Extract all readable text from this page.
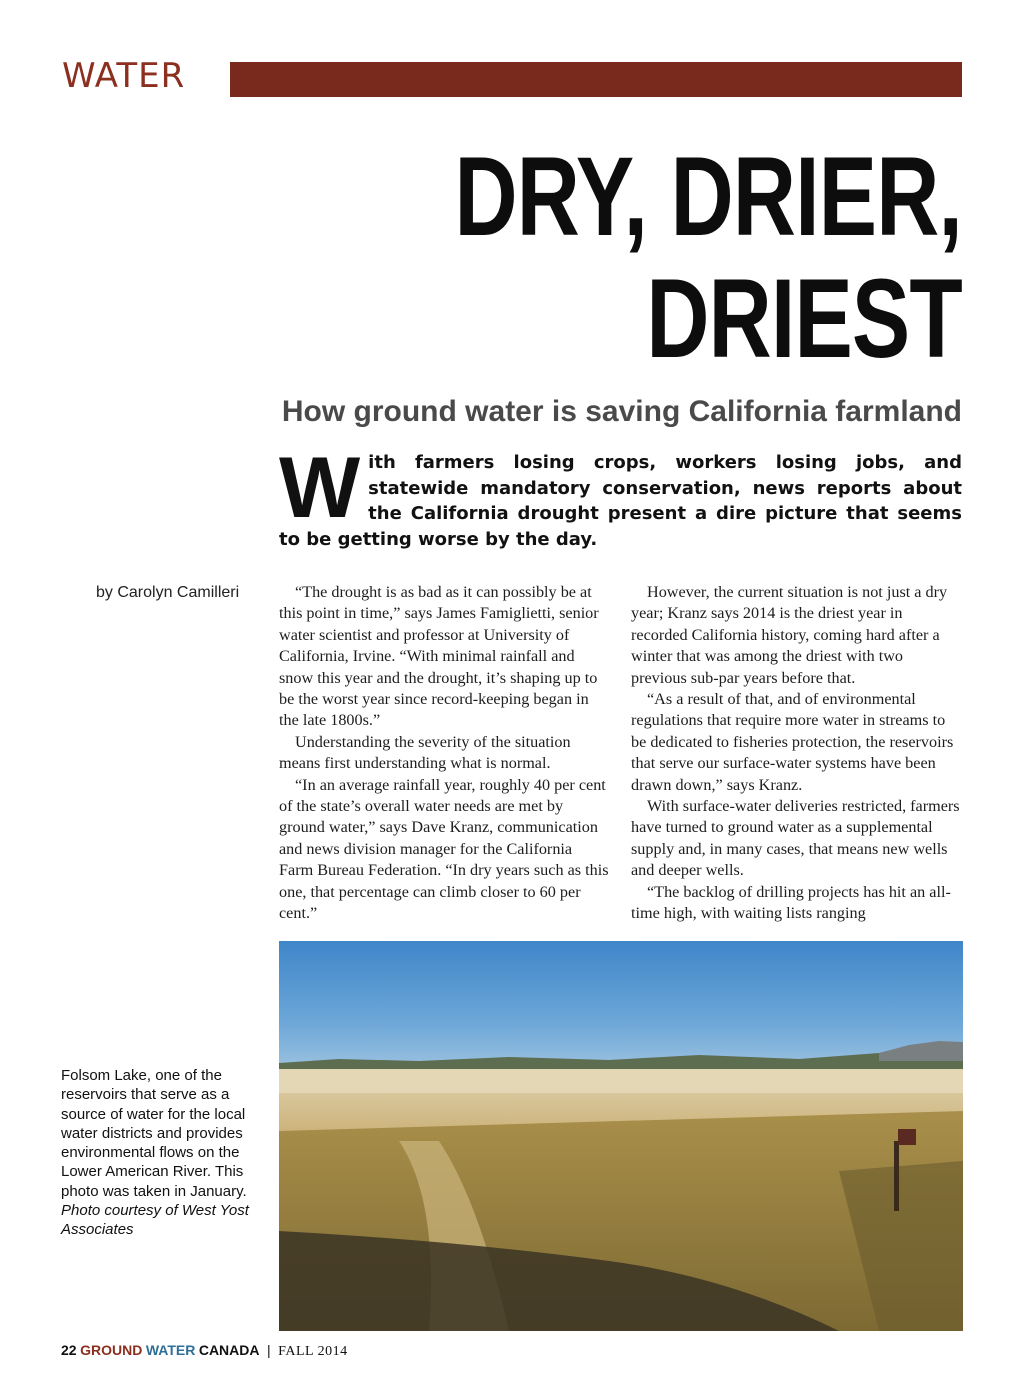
WATER
DRY, DRIER,
DRIEST
How ground water is saving California farmland
With farmers losing crops, workers losing jobs, and statewide mandatory conservation, news reports about the California drought present a dire picture that seems to be getting worse by the day.
by Carolyn Camilleri	“The drought is as bad as it can possibly be at this point in time,” says James Famiglietti, senior water scientist and professor at University of California, Irvine. “With minimal rainfall and snow this year and the drought, it’s shaping up to be the worst year since record-keeping began in the late 1800s.”

Understanding the severity of the situation means first understanding what is normal.

“In an average rainfall year, roughly 40 per cent of the state’s overall water needs are met by ground water,” says Dave Kranz, communication and news division manager for the California Farm Bureau Federation. “In dry years such as this one, that percentage can climb closer to 60 per cent.”

However, the current situation is not just a dry year; Kranz says 2014 is the driest year in recorded California history, coming hard after a winter that was among the driest with two previous sub-par years before that.

“As a result of that, and of environmental regulations that require more water in streams to be dedicated to fisheries protection, the reservoirs that serve our surface-water systems have been drawn down,” says Kranz.

With surface-water deliveries restricted, farmers have turned to ground water as a supplemental supply and, in many cases, that means new wells and deeper wells.

“The backlog of drilling projects has hit an all-time high, with waiting lists ranging

Folsom Lake, one of the reservoirs that serve as a source of water for the local water districts and provides environmental flows on the Lower American River. This photo was taken in January.
Photo courtesy of West Yost Associates
22 GROUND WATER CANADA | FALL 2014
